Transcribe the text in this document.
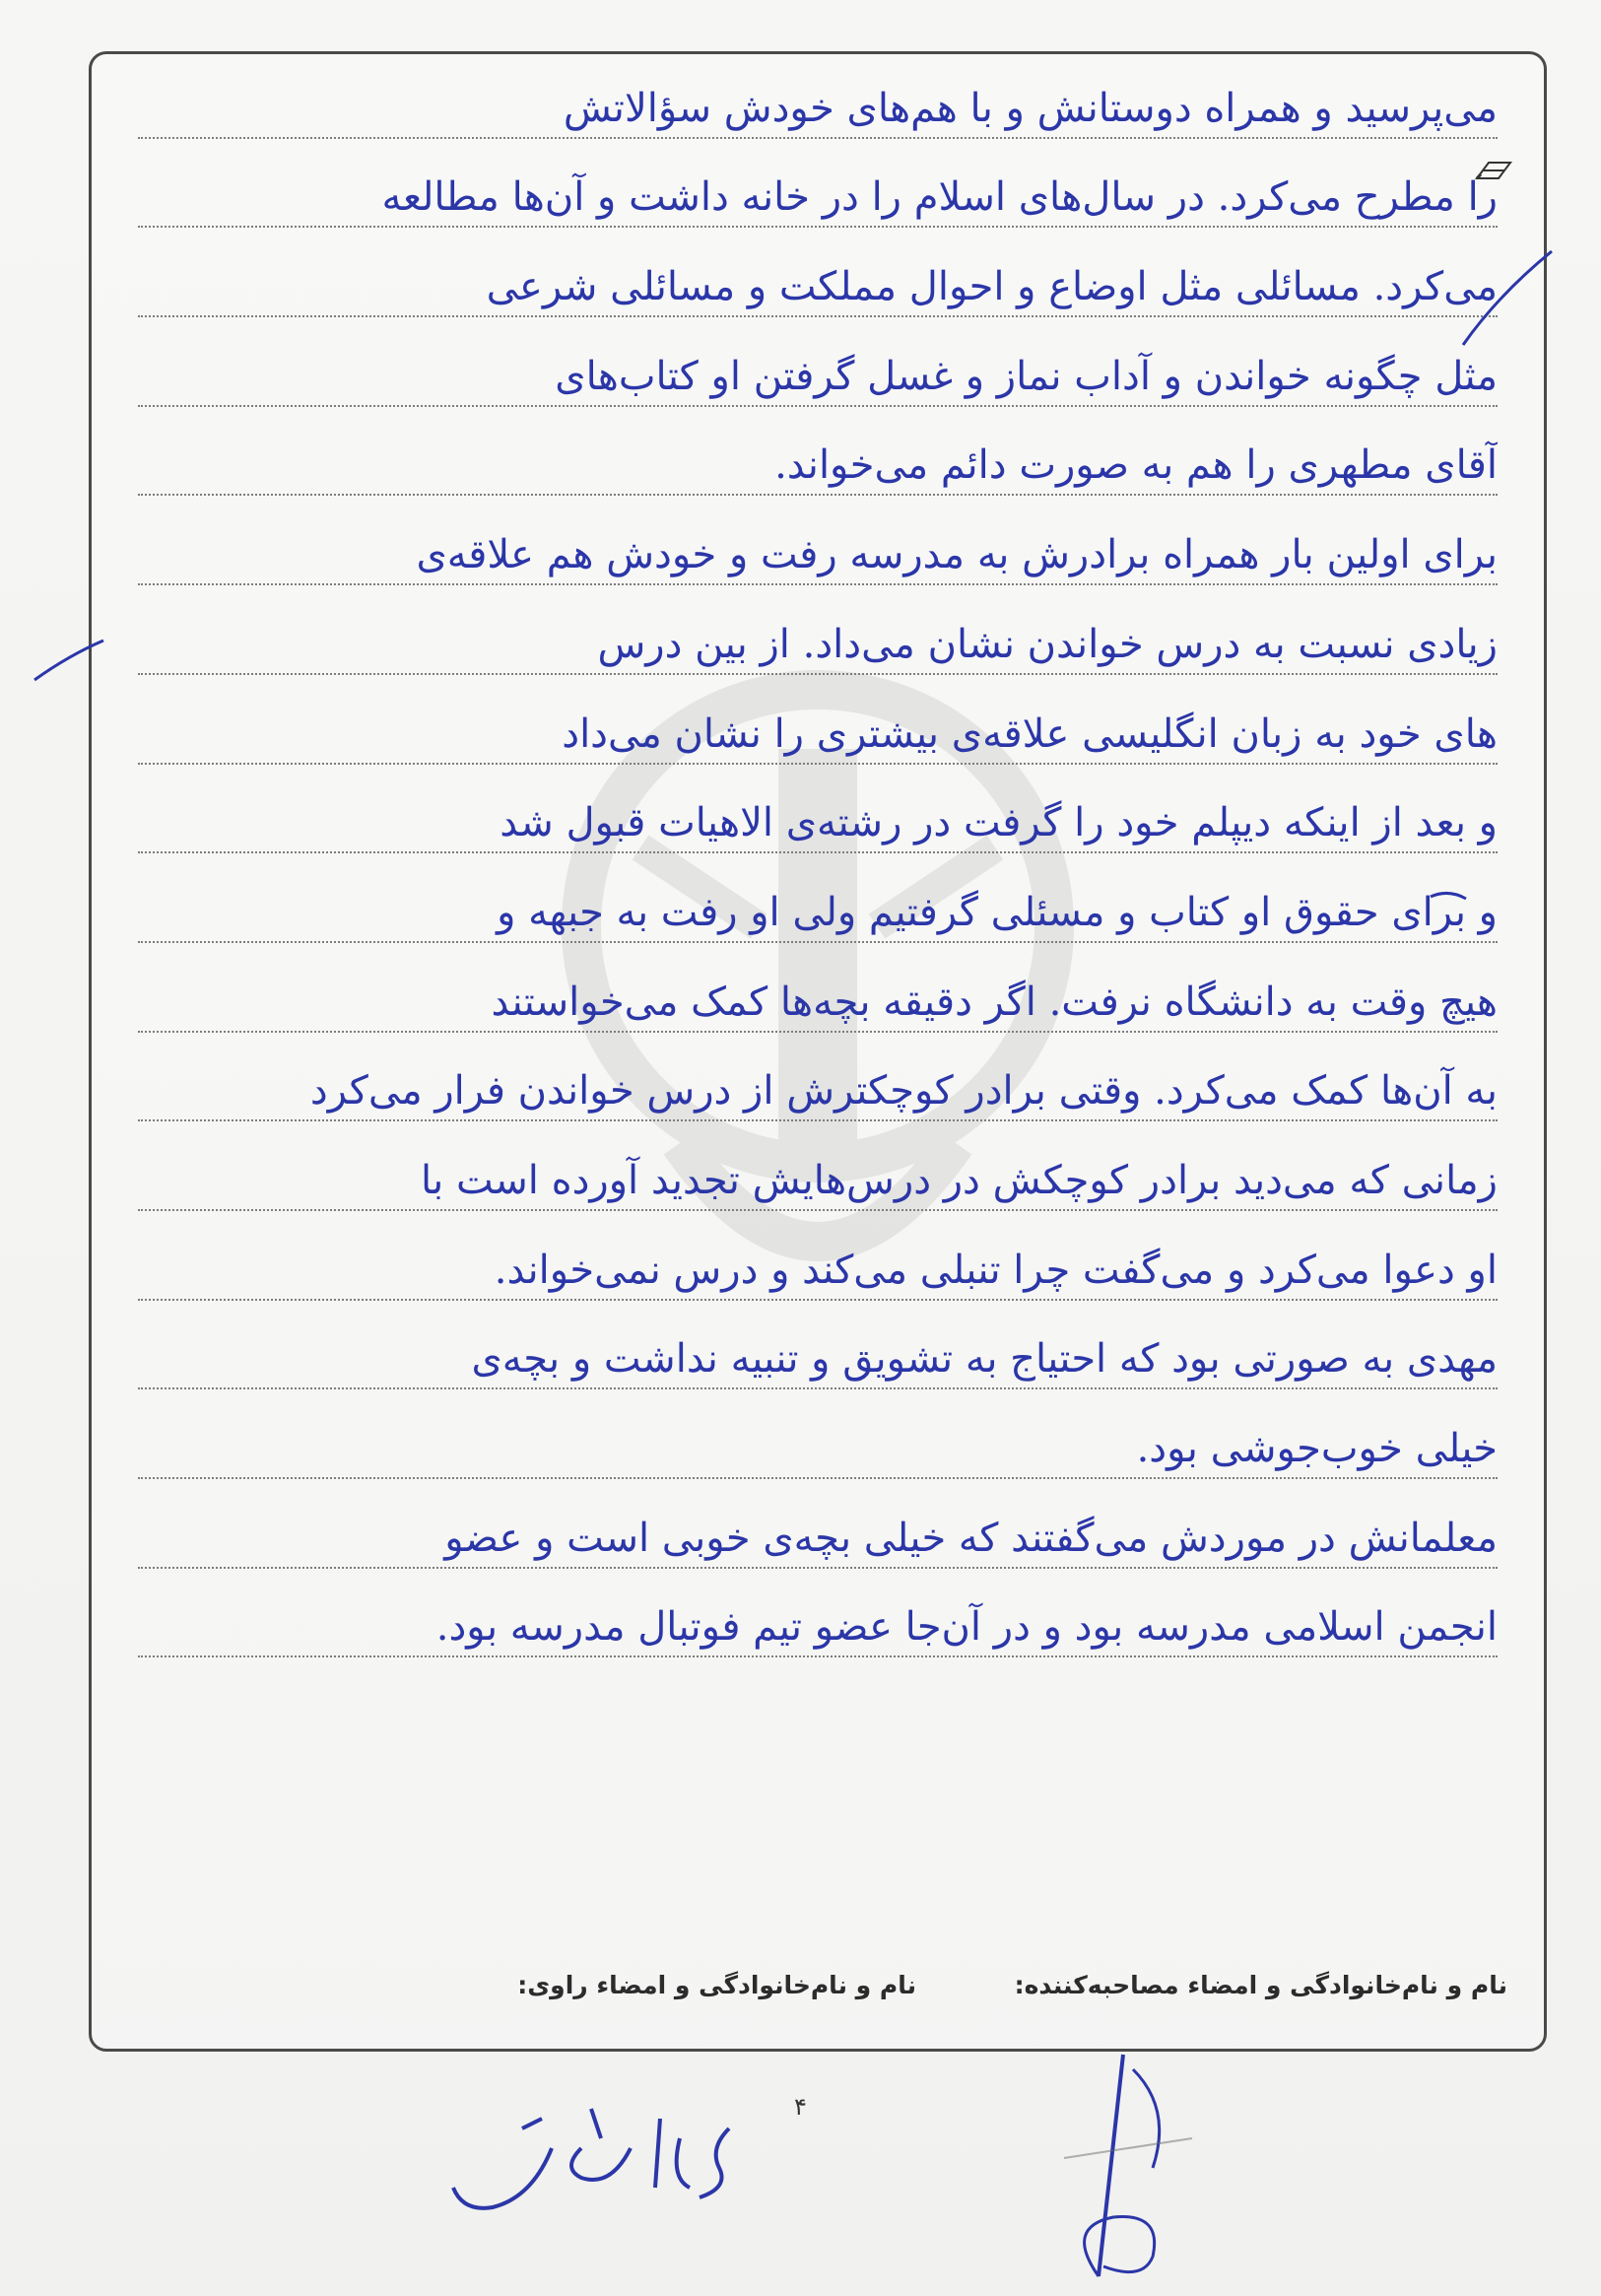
می‌پرسید و همراه دوستانش و با هم‌های خودش سؤالاتش
را مطرح می‌کرد. در سال‌های اسلام را در خانه داشت و آن‌ها مطالعه
می‌کرد. مسائلی مثل اوضاع و احوال مملکت و مسائلی شرعی
مثل چگونه خواندن و آداب نماز و غسل گرفتن او کتاب‌های
آقای مطهری را هم به صورت دائم می‌خواند.
برای اولین بار همراه برادرش به مدرسه رفت و خودش هم علاقه‌ی
زیادی نسبت به درس خواندن نشان می‌داد. از بین درس
های خود به زبان انگلیسی علاقه‌ی بیشتری را نشان می‌داد
و بعد از اینکه دیپلم خود را گرفت در رشته‌ی الاهیات قبول شد
و برای حقوق او کتاب و مسئلی گرفتیم ولی او رفت به جبهه و
هیچ وقت به دانشگاه نرفت. اگر دقیقه بچه‌ها کمک می‌خواستند
به آن‌ها کمک می‌کرد. وقتی برادر کوچکترش از درس خواندن فرار می‌کرد
زمانی که می‌دید برادر کوچکش در درس‌هایش تجدید آورده است با
او دعوا می‌کرد و می‌گفت چرا تنبلی می‌کند و درس نمی‌خواند.
مهدی به صورتی بود که احتیاج به تشویق و تنبیه نداشت و بچه‌ی
خیلی خوب‌جوشی بود.
معلمانش در موردش می‌گفتند که خیلی بچه‌ی خوبی است و عضو
انجمن اسلامی مدرسه بود و در آن‌جا عضو تیم فوتبال مدرسه بود.
نام و نام‌خانوادگی و امضاء مصاحبه‌کننده:
نام و نام‌خانوادگی و امضاء راوی:
۴
